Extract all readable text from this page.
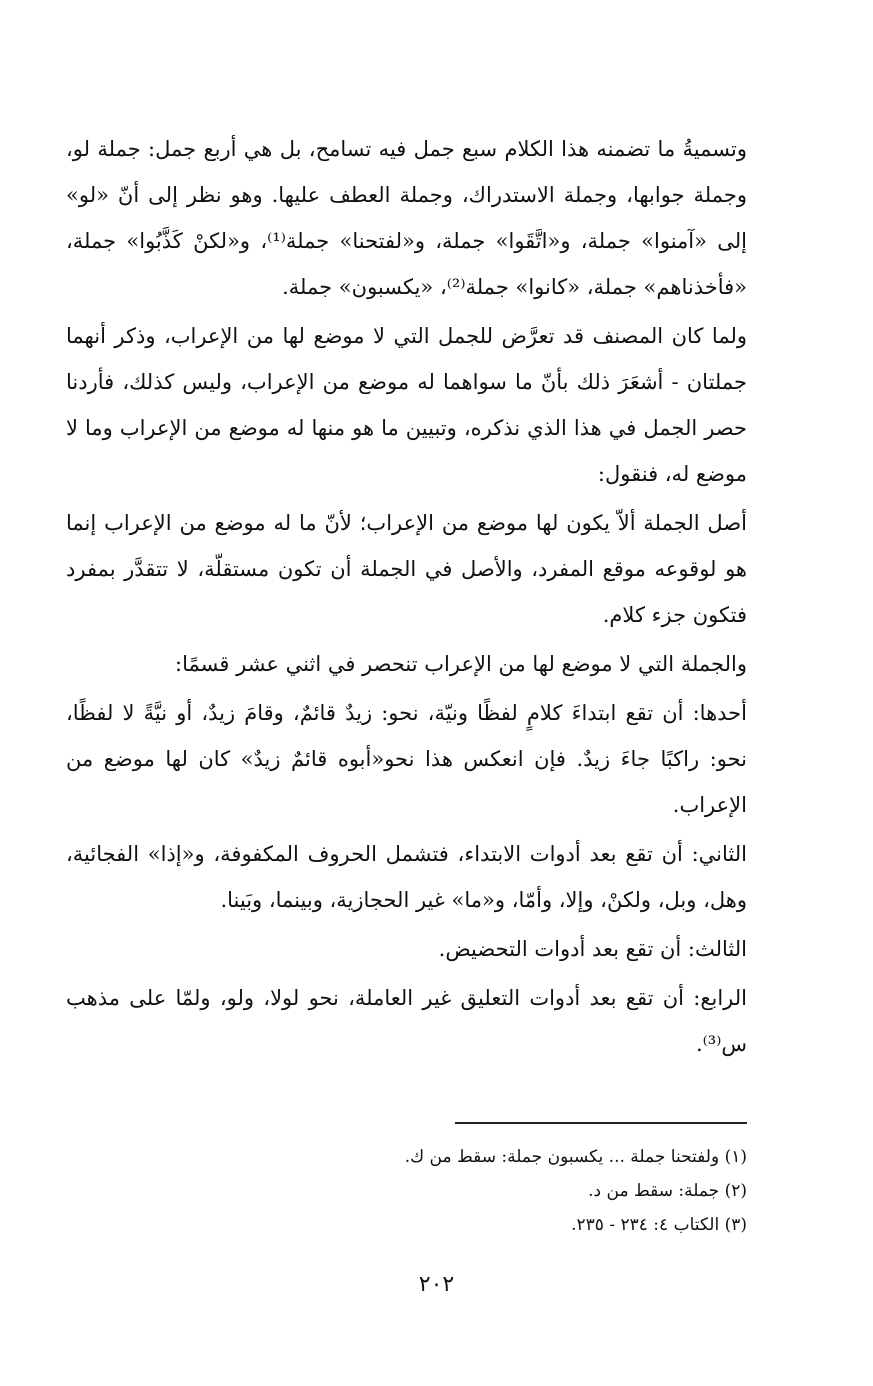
وتسميةُ ما تضمنه هذا الكلام سبع جمل فيه تسامح، بل هي أربع جمل: جملة لو، وجملة جوابها، وجملة الاستدراك، وجملة العطف عليها. وهو نظر إلى أنّ «لو» إلى «آمنوا» جملة، و«اتَّقَوا» جملة، و«لفتحنا» جملة⁽¹⁾، و«لكنْ كَذَّبُوا» جملة، «فأخذناهم» جملة، «كانوا» جملة⁽²⁾، «يكسبون» جملة.

ولما كان المصنف قد تعرَّض للجمل التي لا موضع لها من الإعراب، وذكر أنهما جملتان - أشعَرَ ذلك بأنّ ما سواهما له موضع من الإعراب، وليس كذلك، فأردنا حصر الجمل في هذا الذي نذكره، وتبيين ما هو منها له موضع من الإعراب وما لا موضع له، فنقول:

أصل الجملة ألاّ يكون لها موضع من الإعراب؛ لأنّ ما له موضع من الإعراب إنما هو لوقوعه موقع المفرد، والأصل في الجملة أن تكون مستقلّة، لا تتقدَّر بمفرد فتكون جزء كلام.

والجملة التي لا موضع لها من الإعراب تنحصر في اثني عشر قسمًا:

أحدها: أن تقع ابتداءَ كلامٍ لفظًا ونيّة، نحو: زيدٌ قائمٌ، وقامَ زيدٌ، أو نيَّةً لا لفظًا، نحو: راكبًا جاءَ زيدٌ. فإن انعكس هذا نحو«أبوه قائمٌ زيدٌ» كان لها موضع من الإعراب.

الثاني: أن تقع بعد أدوات الابتداء، فتشمل الحروف المكفوفة، و«إذا» الفجائية، وهل، وبل، ولكنْ، وإلا، وأمّا، و«ما» غير الحجازية، وبينما، وبَينا.

الثالث: أن تقع بعد أدوات التحضيض.

الرابع: أن تقع بعد أدوات التعليق غير العاملة، نحو لولا، ولو، ولمّا على مذهب س⁽³⁾.

(١) ولفتحنا جملة ... يكسبون جملة: سقط من ك.

(٢) جملة: سقط من د.

(٣) الكتاب ٤: ٢٣٤ - ٢٣٥.

٢٠٢
